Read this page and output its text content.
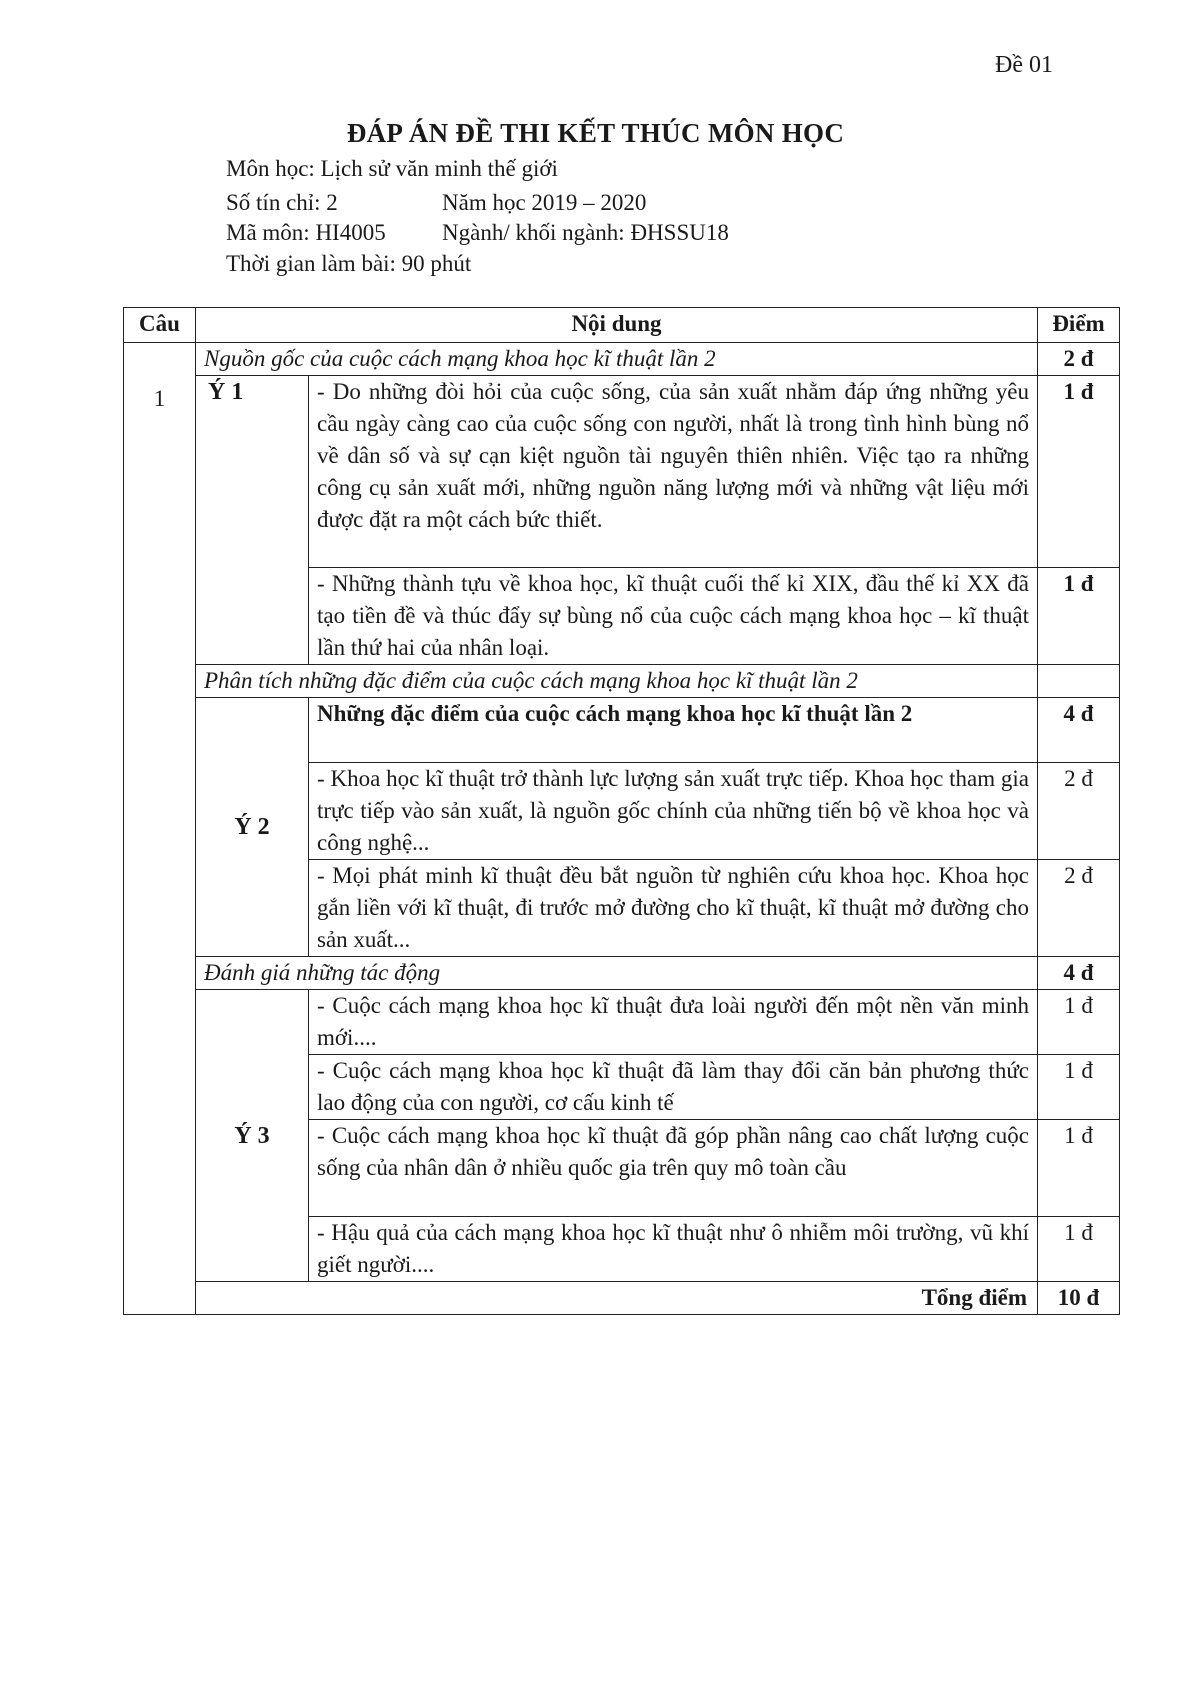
Đề 01
ĐÁP ÁN ĐỀ THI KẾT THÚC MÔN HỌC
Môn học: Lịch sử văn minh thế giới
Số tín chỉ: 2	Năm học 2019 – 2020
Mã môn: HI4005 Ngành/ khối ngành: ĐHSSU18
Thời gian làm bài: 90 phút
Câu	Nội dung		Điểm
1	Nguồn gốc của cuộc cách mạng khoa học kĩ thuật lần 2		2 đ
	Ý 1	- Do những đòi hỏi của cuộc sống, của sản xuất nhằm đáp ứng những yêu cầu ngày càng cao của cuộc sống con người, nhất là trong tình hình bùng nổ về dân số và sự cạn kiệt nguồn tài nguyên thiên nhiên. Việc tạo ra những công cụ sản xuất mới, những nguồn năng lượng mới và những vật liệu mới được đặt ra một cách bức thiết.	1 đ
		- Những thành tựu về khoa học, kĩ thuật cuối thế kỉ XIX, đầu thế kỉ XX đã tạo tiền đề và thúc đẩy sự bùng nổ của cuộc cách mạng khoa học – kĩ thuật lần thứ hai của nhân loại.	1 đ
	Phân tích những đặc điểm của cuộc cách mạng khoa học kĩ thuật lần 2		
	Ý 2	Những đặc điểm của cuộc cách mạng khoa học kĩ thuật lần 2	4 đ
		- Khoa học kĩ thuật trở thành lực lượng sản xuất trực tiếp. Khoa học tham gia trực tiếp vào sản xuất, là nguồn gốc chính của những tiến bộ về khoa học và công nghệ...	2 đ
		- Mọi phát minh kĩ thuật đều bắt nguồn từ nghiên cứu khoa học. Khoa học gắn liền với kĩ thuật, đi trước mở đường cho kĩ thuật, kĩ thuật mở đường cho sản xuất...	2 đ
	Đánh giá những tác động		4 đ
	Ý 3	- Cuộc cách mạng khoa học kĩ thuật đưa loài người đến một nền văn minh mới....	1 đ
		- Cuộc cách mạng khoa học kĩ thuật đã làm thay đổi căn bản phương thức lao động của con người, cơ cấu kinh tế	1 đ
		- Cuộc cách mạng khoa học kĩ thuật đã góp phần nâng cao chất lượng cuộc sống của nhân dân ở nhiều quốc gia trên quy mô toàn cầu	1 đ
		- Hậu quả của cách mạng khoa học kĩ thuật như ô nhiễm môi trường, vũ khí giết người....	1 đ
	Tổng điểm		10 đ
